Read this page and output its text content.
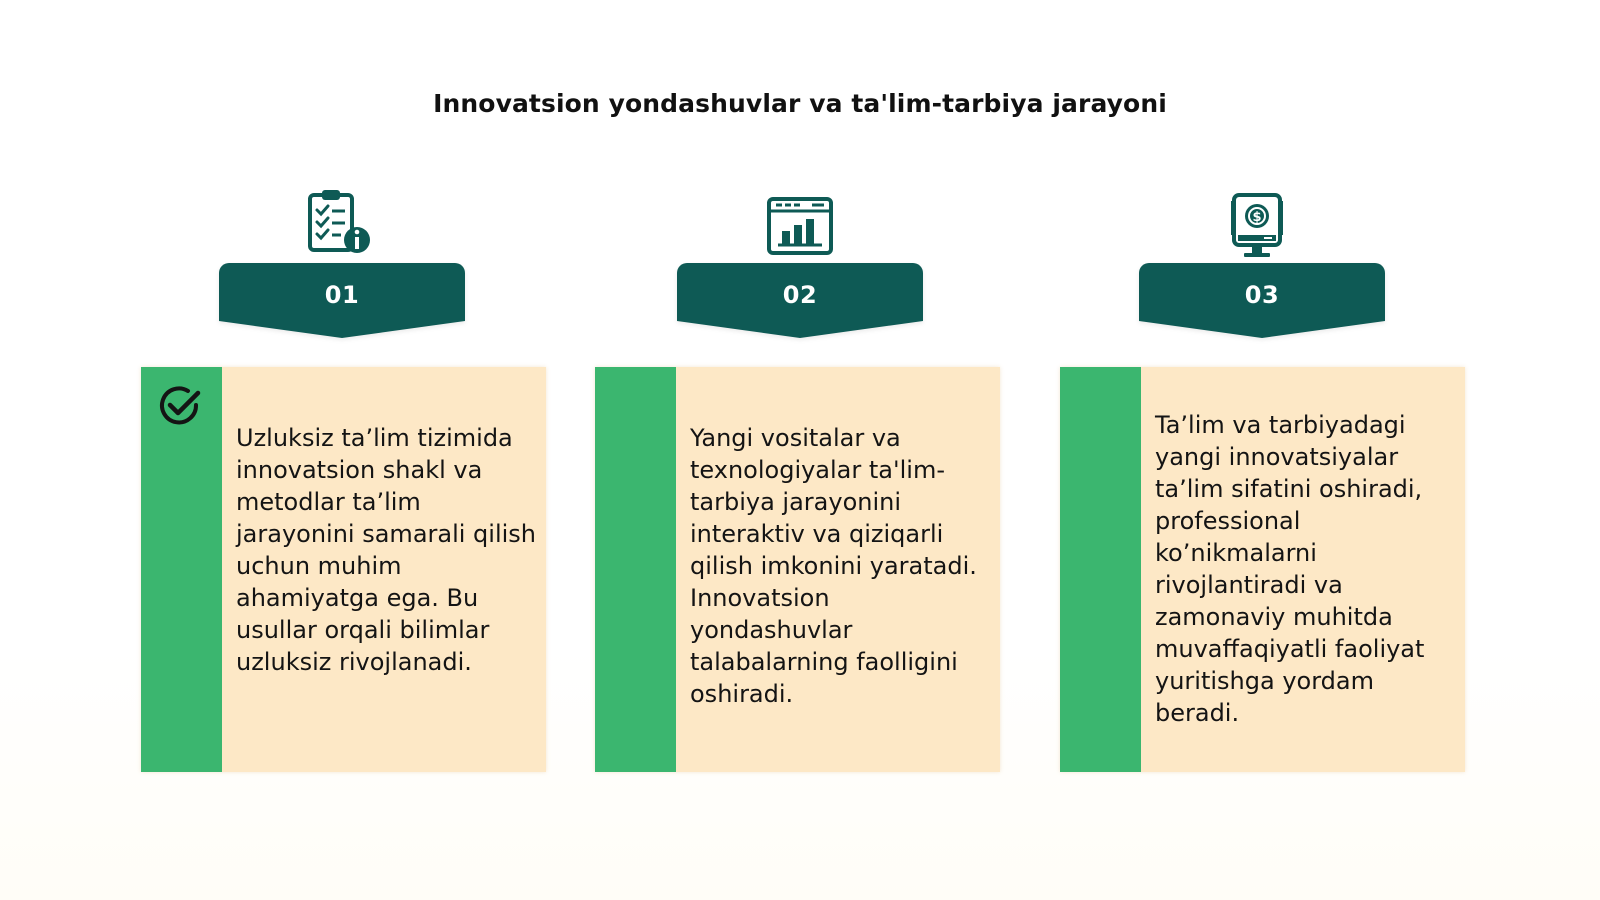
Innovatsion yondashuvlar va ta'lim-tarbiya jarayoni
01
Uzluksiz ta’lim tizimida innovatsion shakl va metodlar ta’lim jarayonini samarali qilish uchun muhim ahamiyatga ega. Bu usullar orqali bilimlar uzluksiz rivojlanadi.
02
Yangi vositalar va texnologiyalar ta'lim-tarbiya jarayonini interaktiv va qiziqarli qilish imkonini yaratadi. Innovatsion yondashuvlar talabalarning faolligini oshiradi.
$
03
Ta’lim va tarbiyadagi yangi innovatsiyalar ta’lim sifatini oshiradi, professional ko’nikmalarni rivojlantiradi va zamonaviy muhitda muvaffaqiyatli faoliyat yuritishga yordam beradi.
